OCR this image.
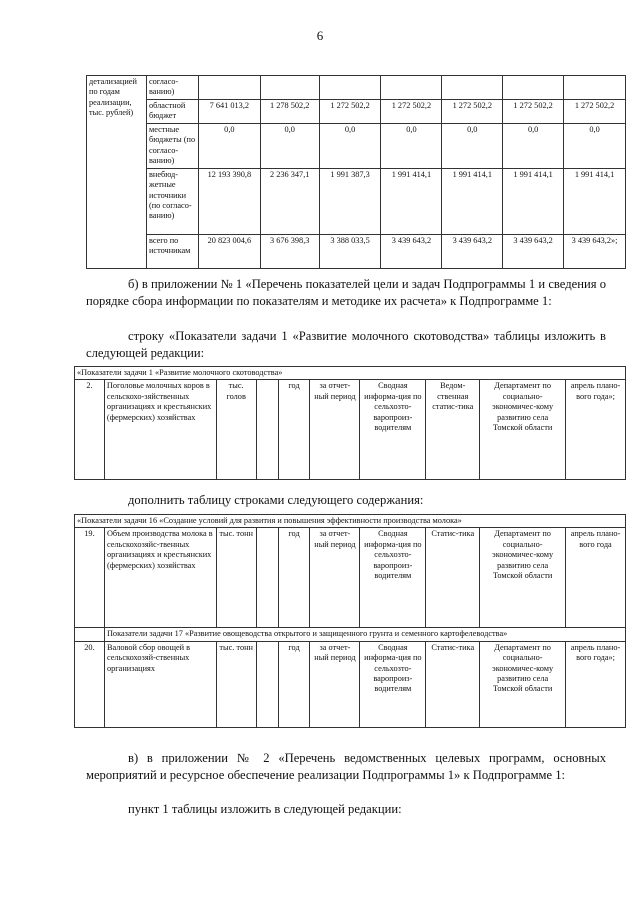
6
детализацией по годам реализации, тыс. рублей)	согласо-ванию)							
	областной бюджет	7 641 013,2	1 278 502,2	1 272 502,2	1 272 502,2	1 272 502,2	1 272 502,2	1 272 502,2
	местные бюджеты (по согласо-ванию)	0,0	0,0	0,0	0,0	0,0	0,0	0,0
	внебюд-жетные источники (по согласо-ванию)	12 193 390,8	2 236 347,1	1 991 387,3	1 991 414,1	1 991 414,1	1 991 414,1	1 991 414,1
	всего по источникам	20 823 004,6	3 676 398,3	3 388 033,5	3 439 643,2	3 439 643,2	3 439 643,2	3 439 643,2»;
б) в приложении № 1 «Перечень показателей цели и задач Подпрограммы 1 и сведения о порядке сбора информации по показателям и методике их расчета» к Подпрограмме 1:
строку «Показатели задачи 1 «Развитие молочного скотоводства» таблицы изложить в следующей редакции:
«Показатели задачи 1 «Развитие молочного скотоводства»
2.	Поголовье молочных коров в сельскохо-зяйственных организациях и крестьянских (фермерских) хозяйствах	тыс. голов		год	за отчет-ный период	Сводная информа-ция по сельхозто-варопроиз-водителям	Ведом-ственная статис-тика	Департамент по социально-экономичес-кому развитию села Томской области	апрель плано-вого года»;
дополнить таблицу строками следующего содержания:
«Показатели задачи 16 «Создание условий для развития и повышения эффективности производства молока»									
19.	Объем производства молока в сельскохозяйс-твенных организациях и крестьянских (фермерских) хозяйствах	тыс. тонн		год	за отчет-ный период	Сводная информа-ция по сельхозто-варопроиз-водителям	Статис-тика	Департамент по социально-экономичес-кому развитию села Томской области	апрель плано-вого года
	Показатели задачи 17 «Развитие овощеводства открытого и защищенного грунта и семенного картофелеводства»								
20.	Валовой сбор овощей в сельскохозяй-ственных организациях	тыс. тонн		год	за отчет-ный период	Сводная информа-ция по сельхозто-варопроиз-водителям	Статис-тика	Департамент по социально-экономичес-кому развитию села Томской области	апрель плано-вого года»;
в) в приложении № 2 «Перечень ведомственных целевых программ, основных мероприятий и ресурсное обеспечение реализации Подпрограммы 1» к Подпрограмме 1:
пункт 1 таблицы изложить в следующей редакции:
